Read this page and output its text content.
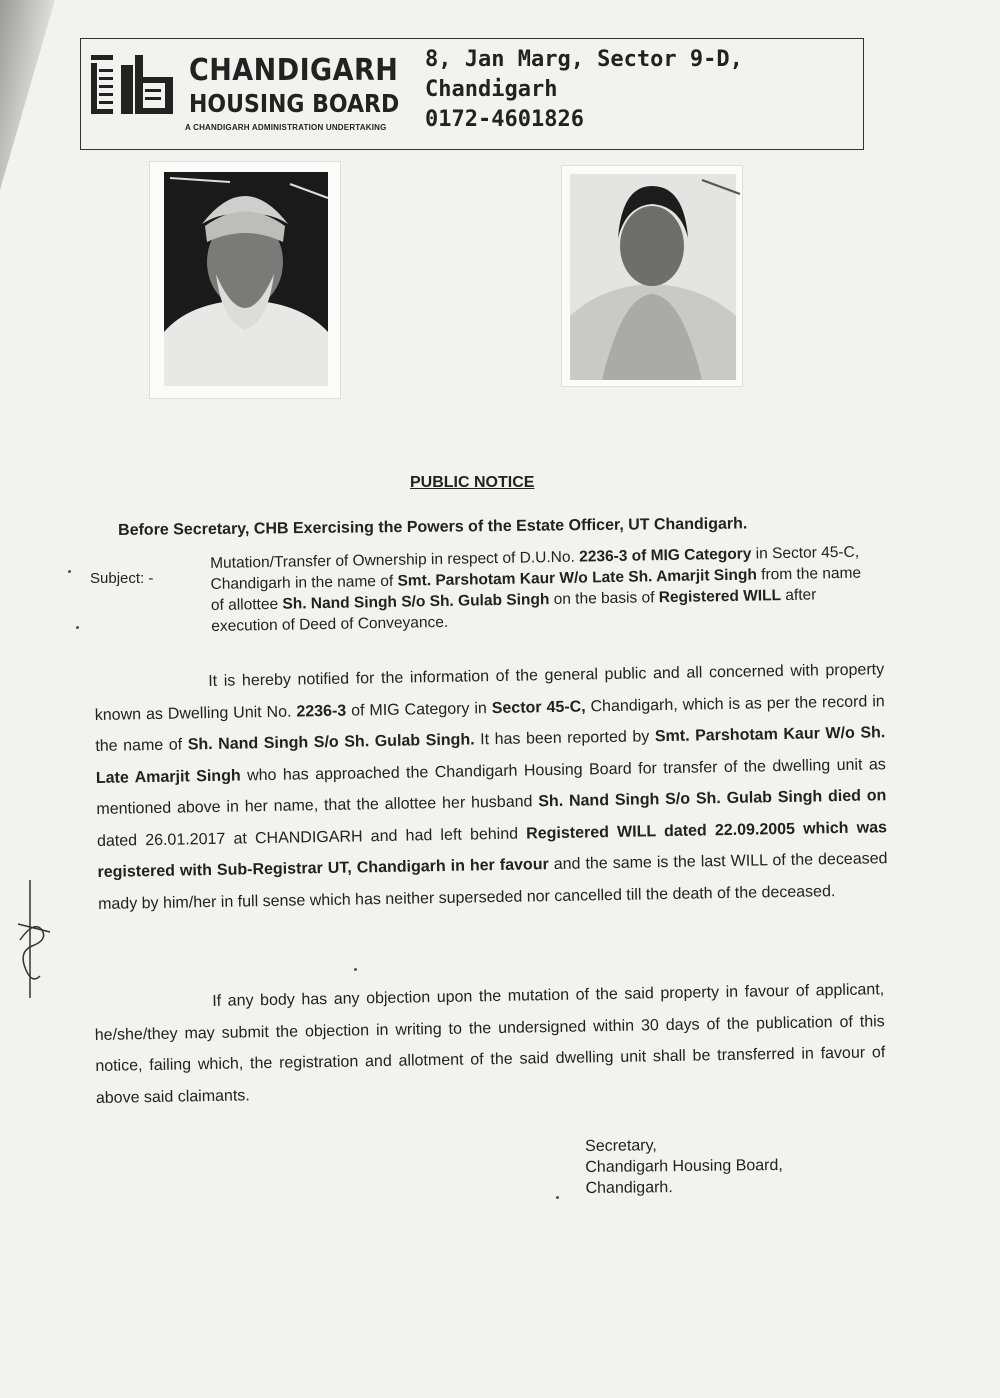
CHANDIGARH
HOUSING BOARD
A CHANDIGARH ADMINISTRATION UNDERTAKING
8, Jan Marg, Sector 9-D,
Chandigarh
0172-4601826
PUBLIC NOTICE
Before Secretary, CHB Exercising the Powers of the Estate Officer, UT Chandigarh.
Subject: -
Mutation/Transfer of Ownership in respect of D.U.No. 2236-3 of MIG Category in Sector 45-C, Chandigarh in the name of Smt. Parshotam Kaur W/o Late Sh. Amarjit Singh from the name of allottee Sh. Nand Singh S/o Sh. Gulab Singh on the basis of Registered WILL after execution of Deed of Conveyance.
It is hereby notified for the information of the general public and all concerned with property known as Dwelling Unit No. 2236-3 of MIG Category in Sector 45-C, Chandigarh, which is as per the record in the name of Sh. Nand Singh S/o Sh. Gulab Singh. It has been reported by Smt. Parshotam Kaur W/o Sh. Late Amarjit Singh who has approached the Chandigarh Housing Board for transfer of the dwelling unit as mentioned above in her name, that the allottee her husband Sh. Nand Singh S/o Sh. Gulab Singh died on dated 26.01.2017 at CHANDIGARH and had left behind Registered WILL dated 22.09.2005 which was registered with Sub-Registrar UT, Chandigarh in her favour and the same is the last WILL of the deceased mady by him/her in full sense which has neither superseded nor cancelled till the death of the deceased.
If any body has any objection upon the mutation of the said property in favour of applicant, he/she/they may submit the objection in writing to the undersigned within 30 days of the publication of this notice, failing which, the registration and allotment of the said dwelling unit shall be transferred in favour of above said claimants.
Secretary,
Chandigarh Housing Board,
Chandigarh.
